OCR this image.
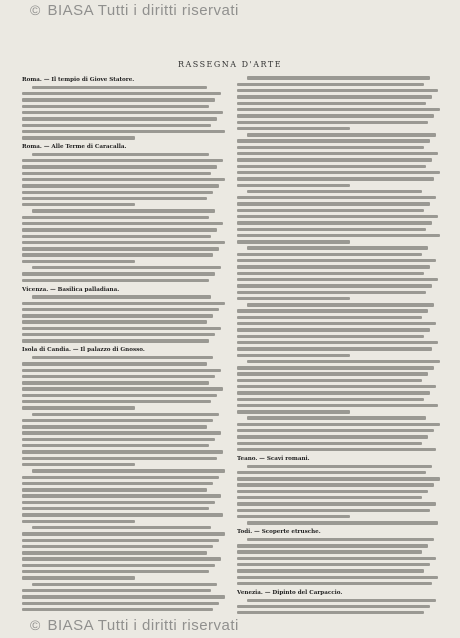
© BIASA Tutti i diritti riservati
RASSEGNA D'ARTE
Roma. — Il tempio di Giove Statore.
Roma. — Alle Terme di Caracalla.
Vicenza. — Basilica palladiana.
Isola di Candia. — Il palazzo di Gnosso.
Teano. — Scavi romani.
Todi. — Scoperte etrusche.
Venezia. — Dipinto del Carpaccio.
© BIASA Tutti i diritti riservati
